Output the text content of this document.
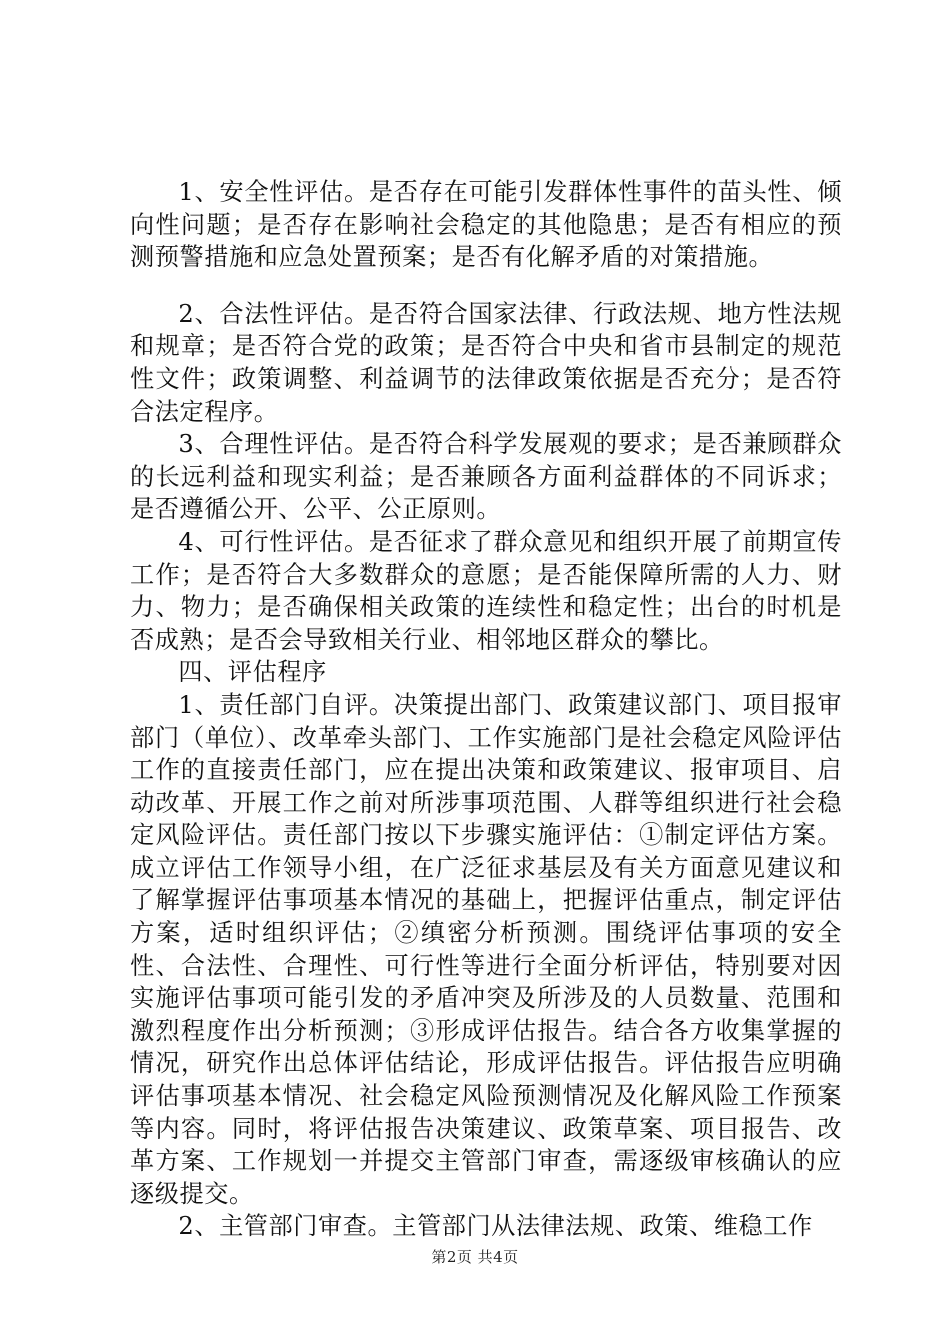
1、安全性评估。是否存在可能引发群体性事件的苗头性、倾向性问题；是否存在影响社会稳定的其他隐患；是否有相应的预测预警措施和应急处置预案；是否有化解矛盾的对策措施。

2、合法性评估。是否符合国家法律、行政法规、地方性法规和规章；是否符合党的政策；是否符合中央和省市县制定的规范性文件；政策调整、利益调节的法律政策依据是否充分；是否符合法定程序。

3、合理性评估。是否符合科学发展观的要求；是否兼顾群众的长远利益和现实利益；是否兼顾各方面利益群体的不同诉求；是否遵循公开、公平、公正原则。

4、可行性评估。是否征求了群众意见和组织开展了前期宣传工作；是否符合大多数群众的意愿；是否能保障所需的人力、财力、物力；是否确保相关政策的连续性和稳定性；出台的时机是否成熟；是否会导致相关行业、相邻地区群众的攀比。

四、评估程序

1、责任部门自评。决策提出部门、政策建议部门、项目报审部门（单位）、改革牵头部门、工作实施部门是社会稳定风险评估工作的直接责任部门，应在提出决策和政策建议、报审项目、启动改革、开展工作之前对所涉事项范围、人群等组织进行社会稳定风险评估。责任部门按以下步骤实施评估：①制定评估方案。成立评估工作领导小组，在广泛征求基层及有关方面意见建议和了解掌握评估事项基本情况的基础上，把握评估重点，制定评估方案，适时组织评估；②缜密分析预测。围绕评估事项的安全性、合法性、合理性、可行性等进行全面分析评估，特别要对因实施评估事项可能引发的矛盾冲突及所涉及的人员数量、范围和激烈程度作出分析预测；③形成评估报告。结合各方收集掌握的情况，研究作出总体评估结论，形成评估报告。评估报告应明确评估事项基本情况、社会稳定风险预测情况及化解风险工作预案等内容。同时，将评估报告决策建议、政策草案、项目报告、改革方案、工作规划一并提交主管部门审查，需逐级审核确认的应逐级提交。

2、主管部门审查。主管部门从法律法规、政策、维稳工作

第2页 共4页
